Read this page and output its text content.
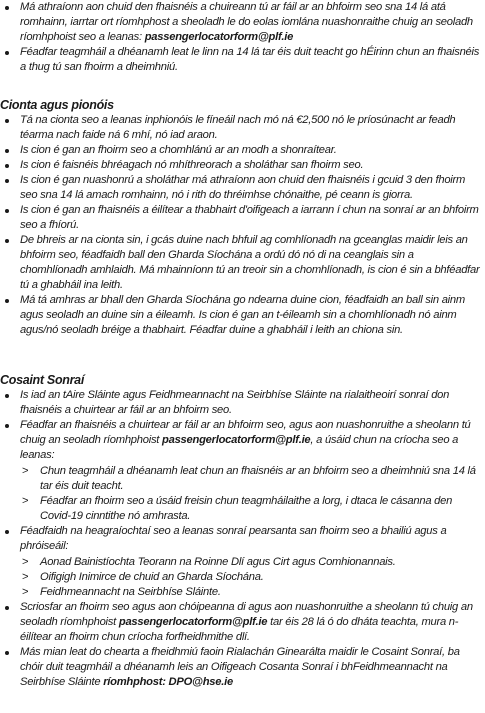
Má athraíonn aon chuid den fhaisnéis a chuireann tú ar fáil ar an bhfoirm seo sna 14 lá atá romhainn, iarrtar ort ríomhphost a sheoladh le do eolas iomlána nuashonraithe chuig an seoladh ríomhphoist seo a leanas: passengerlocatorform@plf.ie
Féadfar teagmháil a dhéanamh leat le linn na 14 lá tar éis duit teacht go hÉirinn chun an fhaisnéis a thug tú san fhoirm a dheimhniú.
Cionta agus pionóis
Tá na cionta seo a leanas inphionóis le fíneáil nach mó ná €2,500 nó le príosúnacht ar feadh téarma nach faide ná 6 mhí, nó iad araon.
Is cion é gan an fhoirm seo a chomhlánú ar an modh a shonraítear.
Is cion é faisnéis bhréagach nó mhíthreorach a sholáthar san fhoirm seo.
Is cion é gan nuashonrú a sholáthar má athraíonn aon chuid den fhaisnéis i gcuid 3 den fhoirm seo sna 14 lá amach romhainn, nó i rith do thréimhse chónaithe, pé ceann is giorra.
Is cion é gan an fhaisnéis a éilítear a thabhairt d'oifigeach a iarrann í chun na sonraí ar an bhfoirm seo a fhíorú.
De bhreis ar na cionta sin, i gcás duine nach bhfuil ag comhlíonadh na gceanglas maidir leis an bhfoirm seo, féadfaidh ball den Gharda Síochána a ordú dó nó di na ceanglais sin a chomhlíonadh amhlaidh. Má mhainníonn tú an treoir sin a chomhlíonadh, is cion é sin a bhféadfar tú a ghabháil ina leith.
Má tá amhras ar bhall den Gharda Síochána go ndearna duine cion, féadfaidh an ball sin ainm agus seoladh an duine sin a éileamh. Is cion é gan an t-éileamh sin a chomhlíonadh nó ainm agus/nó seoladh bréige a thabhairt. Féadfar duine a ghabháil i leith an chiona sin.
Cosaint Sonraí
Is iad an tAire Sláinte agus Feidhmeannacht na Seirbhíse Sláinte na rialaitheoirí sonraí don fhaisnéis a chuirtear ar fáil ar an bhfoirm seo.
Féadfar an fhaisnéis a chuirtear ar fáil ar an bhfoirm seo, agus aon nuashonruithe a sheolann tú chuig an seoladh ríomhphoist passengerlocatorform@plf.ie, a úsáid chun na críocha seo a leanas:
> Chun teagmháil a dhéanamh leat chun an fhaisnéis ar an bhfoirm seo a dheimhniú sna 14 lá tar éis duit teacht.
> Féadfar an fhoirm seo a úsáid freisin chun teagmháilaithe a lorg, i dtaca le cásanna den Covid-19 cinntithe nó amhrasta.
Féadfaidh na heagraíochtaí seo a leanas sonraí pearsanta san fhoirm seo a bhailiú agus a phróiseáil:
> Aonad Bainistíochta Teorann na Roinne Dlí agus Cirt agus Comhionannais.
> Oifigigh Inimirce de chuid an Gharda Síochána.
> Feidhmeannacht na Seirbhíse Sláinte.
Scriosfar an fhoirm seo agus aon chóipeanna di agus aon nuashonruithe a sheolann tú chuig an seoladh ríomhphoist passengerlocatorform@plf.ie tar éis 28 lá ó do dháta teachta, mura n-éilítear an fhoirm chun críocha forfheidhmithe dlí.
Más mian leat do chearta a fheidhmiú faoin Rialachán Ginearálta maidir le Cosaint Sonraí, ba chóir duit teagmháil a dhéanamh leis an Oifigeach Cosanta Sonraí i bhFeidhmeannacht na Seirbhíse Sláinte ríomhphost: DPO@hse.ie
